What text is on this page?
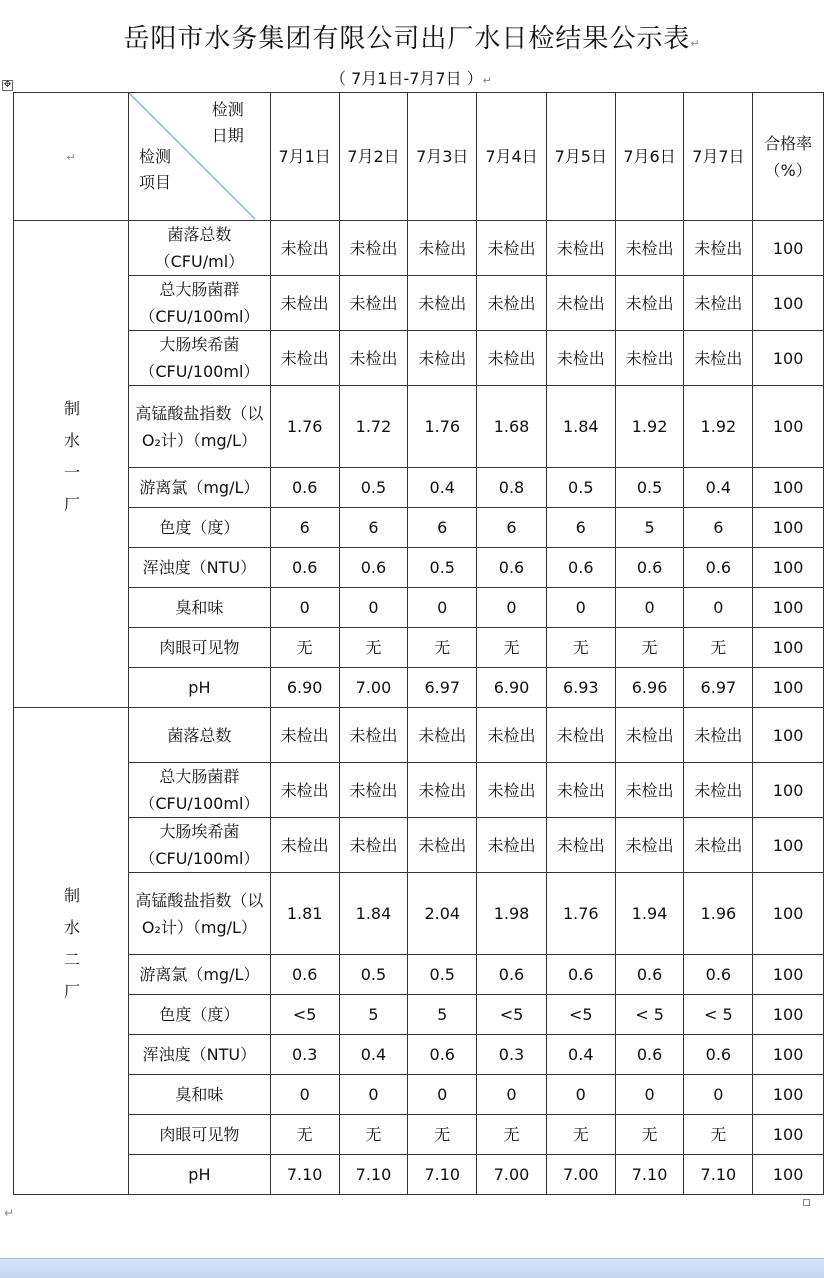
岳阳市水务集团有限公司出厂水日检结果公示表↵
（ 7月1日-7月7日 ）↵
✥
↵	检测
日期
检测
项目	7月1日	7月2日	7月3日	7月4日	7月5日	7月6日	7月7日	合格率（%）
制水一厂	菌落总数（CFU/ml）	未检出	未检出	未检出	未检出	未检出	未检出	未检出	100
	总大肠菌群（CFU/100ml）	未检出	未检出	未检出	未检出	未检出	未检出	未检出	100
	大肠埃希菌（CFU/100ml）	未检出	未检出	未检出	未检出	未检出	未检出	未检出	100
	高锰酸盐指数（以O₂计）（mg/L）	1.76	1.72	1.76	1.68	1.84	1.92	1.92	100
	游离氯（mg/L）	0.6	0.5	0.4	0.8	0.5	0.5	0.4	100
	色度（度）	6	6	6	6	6	5	6	100
	浑浊度（NTU）	0.6	0.6	0.5	0.6	0.6	0.6	0.6	100
	臭和味	0	0	0	0	0	0	0	100
	肉眼可见物	无	无	无	无	无	无	无	100
	pH	6.90	7.00	6.97	6.90	6.93	6.96	6.97	100
制水二厂	菌落总数	未检出	未检出	未检出	未检出	未检出	未检出	未检出	100
	总大肠菌群（CFU/100ml）	未检出	未检出	未检出	未检出	未检出	未检出	未检出	100
	大肠埃希菌（CFU/100ml）	未检出	未检出	未检出	未检出	未检出	未检出	未检出	100
	高锰酸盐指数（以O₂计）（mg/L）	1.81	1.84	2.04	1.98	1.76	1.94	1.96	100
	游离氯（mg/L）	0.6	0.5	0.5	0.6	0.6	0.6	0.6	100
	色度（度）	<5	5	5	<5	<5	< 5	< 5	100
	浑浊度（NTU）	0.3	0.4	0.6	0.3	0.4	0.6	0.6	100
	臭和味	0	0	0	0	0	0	0	100
	肉眼可见物	无	无	无	无	无	无	无	100
	pH	7.10	7.10	7.10	7.00	7.00	7.10	7.10	100
↵
